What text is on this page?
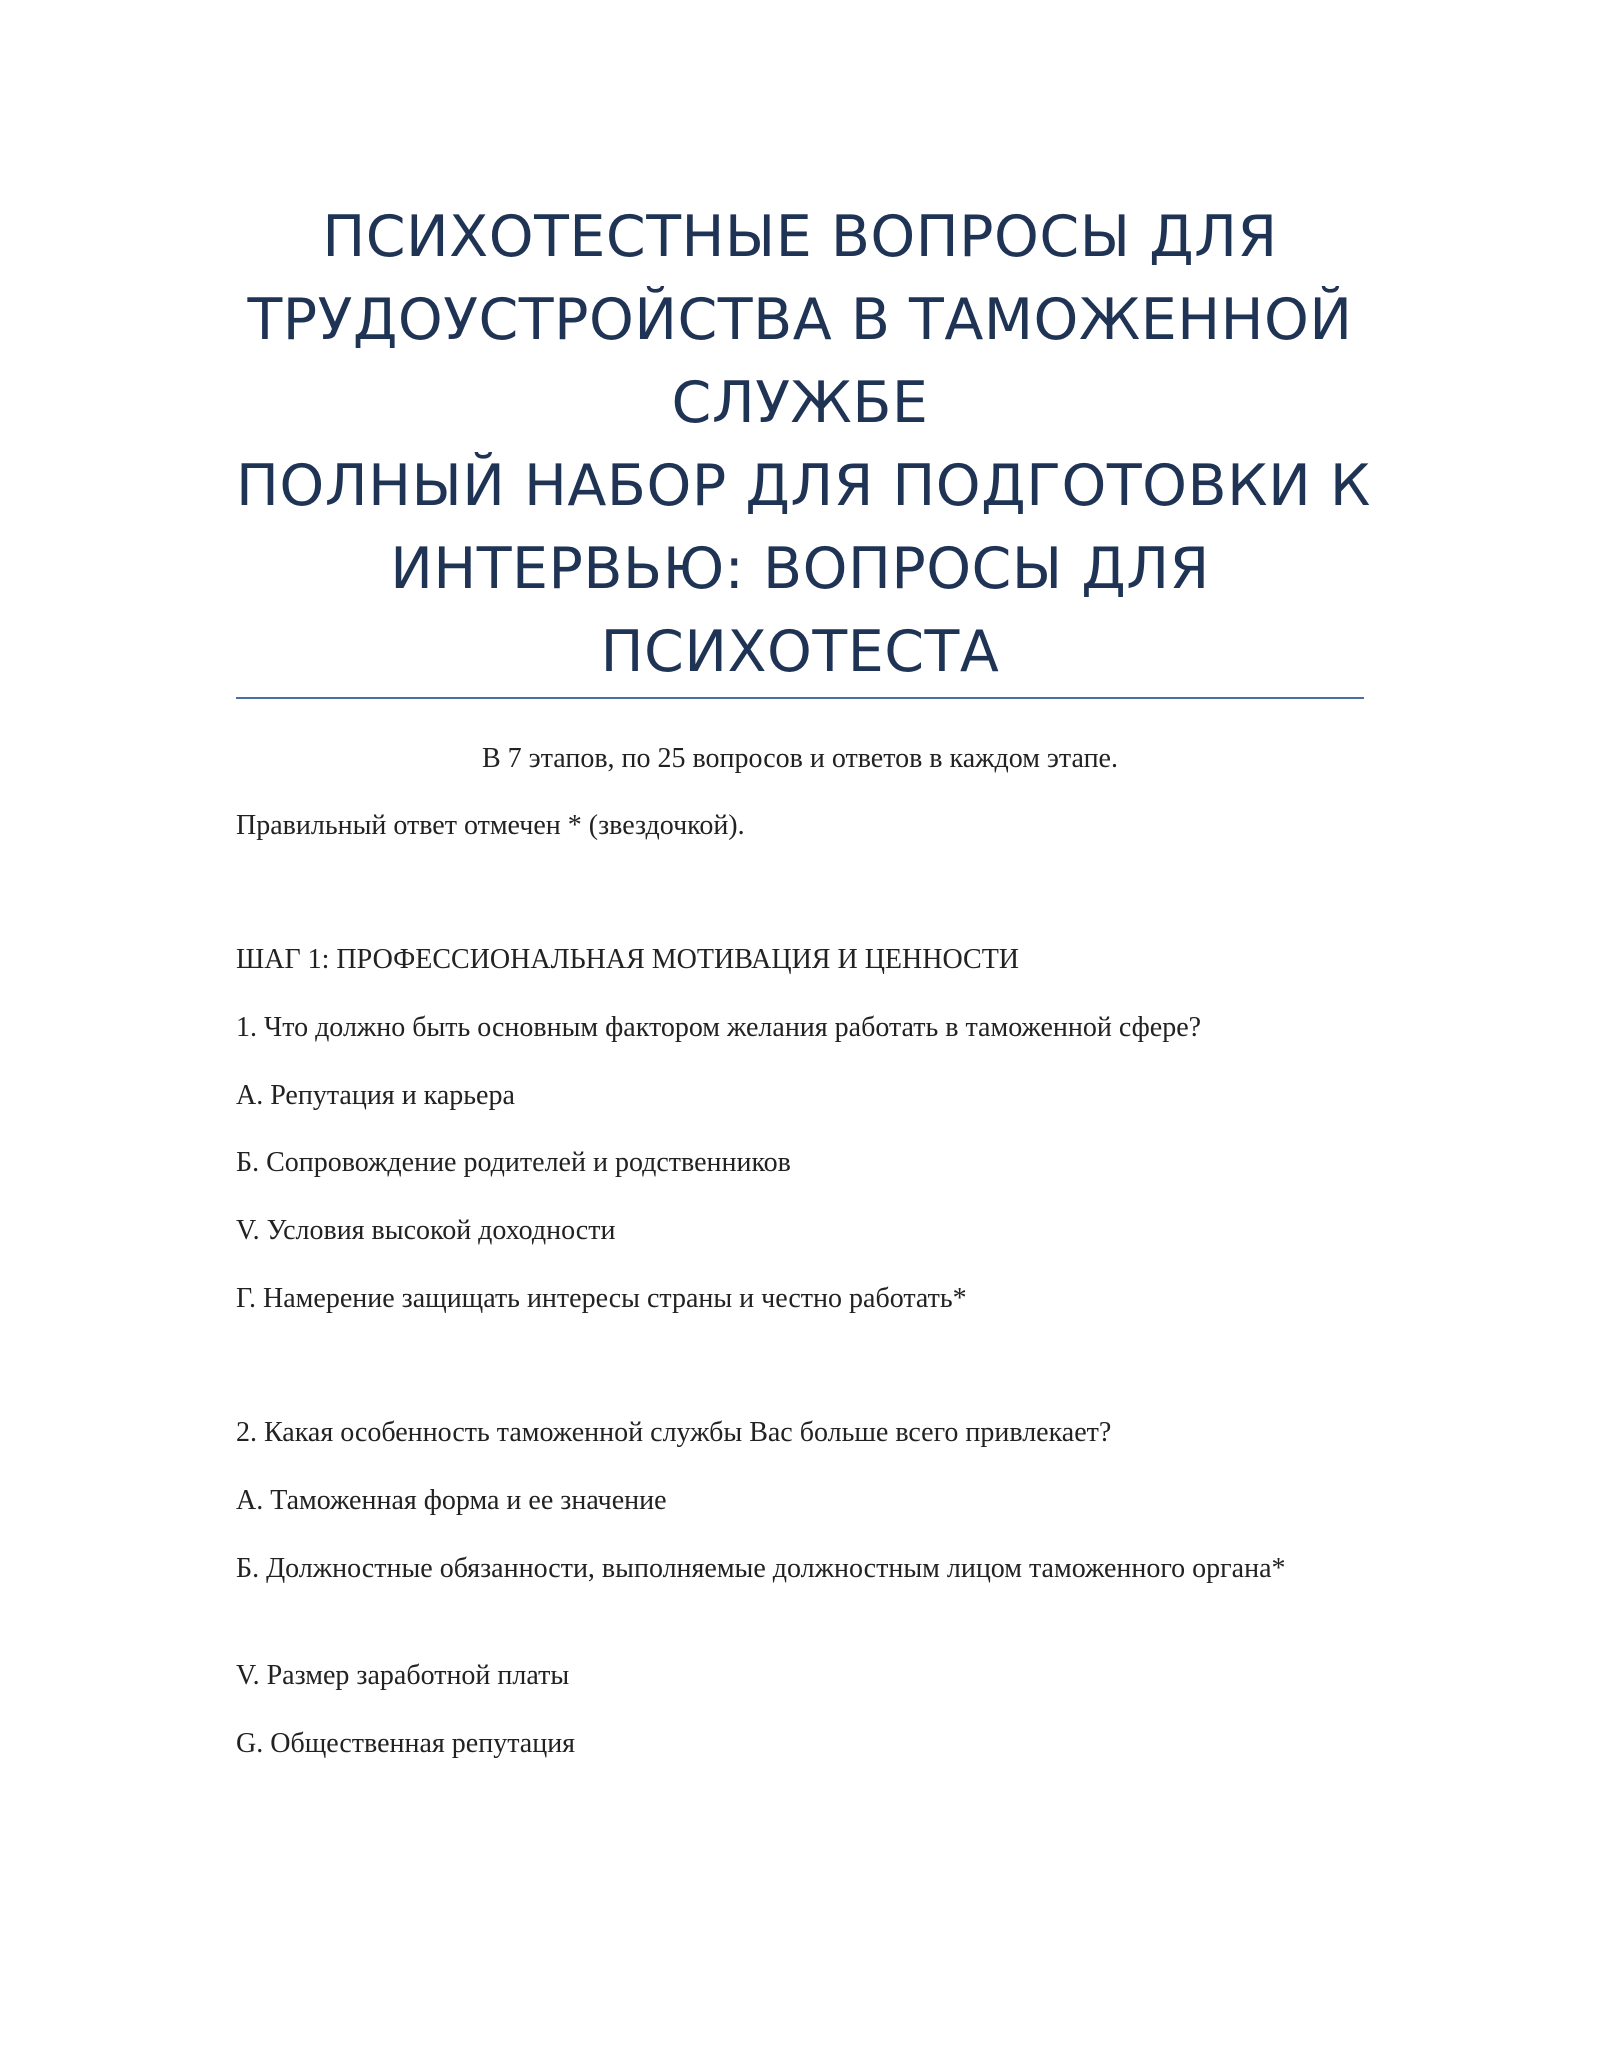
ПСИХОТЕСТНЫЕ ВОПРОСЫ ДЛЯ
ТРУДОУСТРОЙСТВА В ТАМОЖЕННОЙ
СЛУЖБЕ
ПОЛНЫЙ НАБОР ДЛЯ ПОДГОТОВКИ К
ИНТЕРВЬЮ: ВОПРОСЫ ДЛЯ
ПСИХОТЕСТА
В 7 этапов, по 25 вопросов и ответов в каждом этапе.
Правильный ответ отмечен * (звездочкой).
ШАГ 1: ПРОФЕССИОНАЛЬНАЯ МОТИВАЦИЯ И ЦЕННОСТИ
1. Что должно быть основным фактором желания работать в таможенной сфере?
А. Репутация и карьера
Б. Сопровождение родителей и родственников
V. Условия высокой доходности
Г. Намерение защищать интересы страны и честно работать*
2. Какая особенность таможенной службы Вас больше всего привлекает?
А. Таможенная форма и ее значение
Б. Должностные обязанности, выполняемые должностным лицом таможенного органа*
V. Размер заработной платы
G. Общественная репутация
